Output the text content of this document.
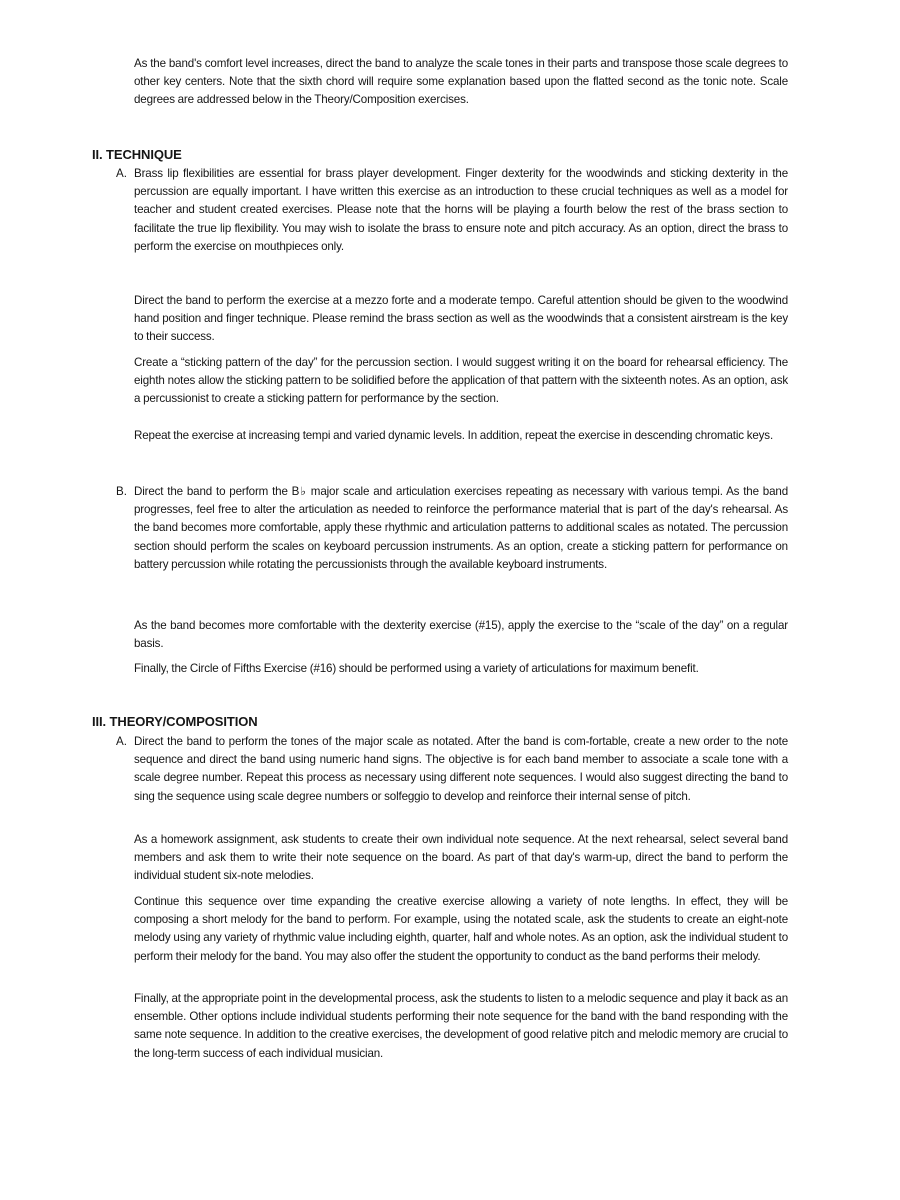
As the band's comfort level increases, direct the band to analyze the scale tones in their parts and transpose those scale degrees to other key centers. Note that the sixth chord will require some explanation based upon the flatted second as the tonic note. Scale degrees are addressed below in the Theory/Composition exercises.

II. TECHNIQUE
A. Brass lip flexibilities are essential for brass player development. Finger dexterity for the woodwinds and sticking dexterity in the percussion are equally important. I have written this exercise as an introduction to these crucial techniques as well as a model for teacher and student created exercises. Please note that the horns will be playing a fourth below the rest of the brass section to facilitate the true lip flexibility. You may wish to isolate the brass to ensure note and pitch accuracy. As an option, direct the brass to perform the exercise on mouthpieces only.

Direct the band to perform the exercise at a mezzo forte and a moderate tempo. Careful attention should be given to the woodwind hand position and finger technique. Please remind the brass section as well as the woodwinds that a consistent airstream is the key to their success.

Create a “sticking pattern of the day” for the percussion section. I would suggest writing it on the board for rehearsal efficiency. The eighth notes allow the sticking pattern to be solidified before the application of that pattern with the sixteenth notes. As an option, ask a percussionist to create a sticking pattern for performance by the section.

Repeat the exercise at increasing tempi and varied dynamic levels. In addition, repeat the exercise in descending chromatic keys.

B. Direct the band to perform the B♭ major scale and articulation exercises repeating as necessary with various tempi. As the band progresses, feel free to alter the articulation as needed to reinforce the performance material that is part of the day's rehearsal. As the band becomes more comfortable, apply these rhythmic and articulation patterns to additional scales as notated. The percussion section should perform the scales on keyboard percussion instruments. As an option, create a sticking pattern for performance on battery percussion while rotating the percussionists through the available keyboard instruments.

As the band becomes more comfortable with the dexterity exercise (#15), apply the exercise to the “scale of the day” on a regular basis.

Finally, the Circle of Fifths Exercise (#16) should be performed using a variety of articulations for maximum benefit.

III. THEORY/COMPOSITION
A. Direct the band to perform the tones of the major scale as notated. After the band is com-fortable, create a new order to the note sequence and direct the band using numeric hand signs. The objective is for each band member to associate a scale tone with a scale degree number. Repeat this process as necessary using different note sequences. I would also suggest directing the band to sing the sequence using scale degree numbers or solfeggio to develop and reinforce their internal sense of pitch.

As a homework assignment, ask students to create their own individual note sequence. At the next rehearsal, select several band members and ask them to write their note sequence on the board. As part of that day's warm-up, direct the band to perform the individual student six-note melodies.

Continue this sequence over time expanding the creative exercise allowing a variety of note lengths. In effect, they will be composing a short melody for the band to perform. For example, using the notated scale, ask the students to create an eight-note melody using any variety of rhythmic value including eighth, quarter, half and whole notes. As an option, ask the individual student to perform their melody for the band. You may also offer the student the opportunity to conduct as the band performs their melody.

Finally, at the appropriate point in the developmental process, ask the students to listen to a melodic sequence and play it back as an ensemble. Other options include individual students performing their note sequence for the band with the band responding with the same note sequence. In addition to the creative exercises, the development of good relative pitch and melodic memory are crucial to the long-term success of each individual musician.
